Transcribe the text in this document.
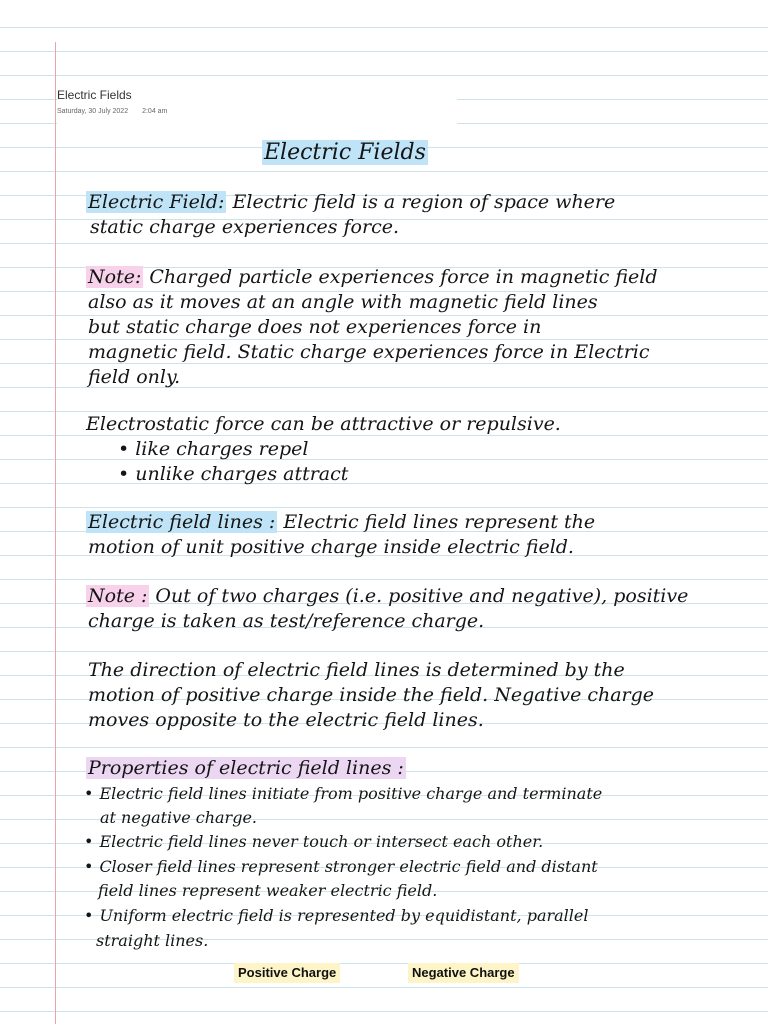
Electric Fields
Saturday, 30 July 2022 2:04 am
Electric Fields
Electric Field: Electric field is a region of space where
static charge experiences force.
Note: Charged particle experiences force in magnetic field
also as it moves at an angle with magnetic field lines
but static charge does not experiences force in
magnetic field. Static charge experiences force in Electric
field only.
Electrostatic force can be attractive or repulsive.
• like charges repel
• unlike charges attract
Electric field lines : Electric field lines represent the
motion of unit positive charge inside electric field.
Note : Out of two charges (i.e. positive and negative), positive
charge is taken as test/reference charge.
The direction of electric field lines is determined by the
motion of positive charge inside the field. Negative charge
moves opposite to the electric field lines.
Properties of electric field lines :
• Electric field lines initiate from positive charge and terminate
at negative charge.
• Electric field lines never touch or intersect each other.
• Closer field lines represent stronger electric field and distant
field lines represent weaker electric field.
• Uniform electric field is represented by equidistant, parallel
straight lines.
Positive Charge	Negative Charge
